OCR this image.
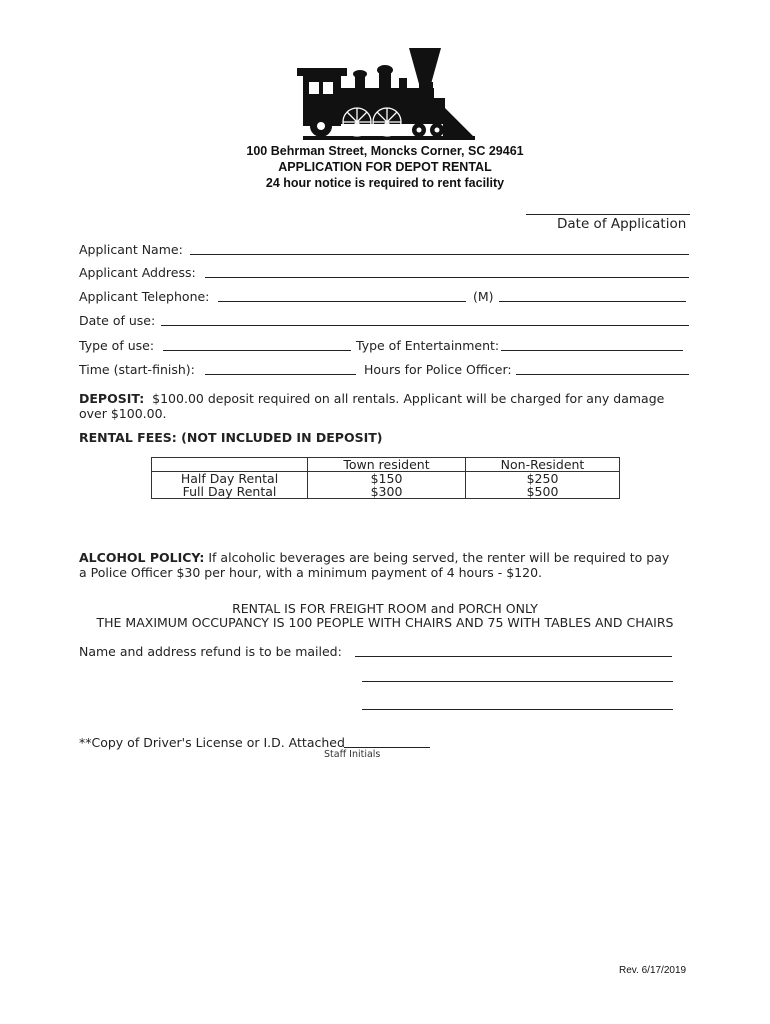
100 Behrman Street, Moncks Corner, SC 29461
APPLICATION FOR DEPOT RENTAL
24 hour notice is required to rent facility
Date of Application
Applicant Name:
Applicant Address:
Applicant Telephone:	(M)
Date of use:
Type of use:	Type of Entertainment:
Time (start-finish):	Hours for Police Officer:
DEPOSIT: $100.00 deposit required on all rentals. Applicant will be charged for any damage over $100.00.
RENTAL FEES: (NOT INCLUDED IN DEPOSIT)
	Town resident	Non-Resident
Half Day Rental	$150	$250
Full Day Rental	$300	$500
ALCOHOL POLICY: If alcoholic beverages are being served, the renter will be required to pay a Police Officer $30 per hour, with a minimum payment of 4 hours - $120.
RENTAL IS FOR FREIGHT ROOM and PORCH ONLY
THE MAXIMUM OCCUPANCY IS 100 PEOPLE WITH CHAIRS AND 75 WITH TABLES AND CHAIRS
Name and address refund is to be mailed:
**Copy of Driver's License or I.D. Attached
Staff Initials
Rev. 6/17/2019
